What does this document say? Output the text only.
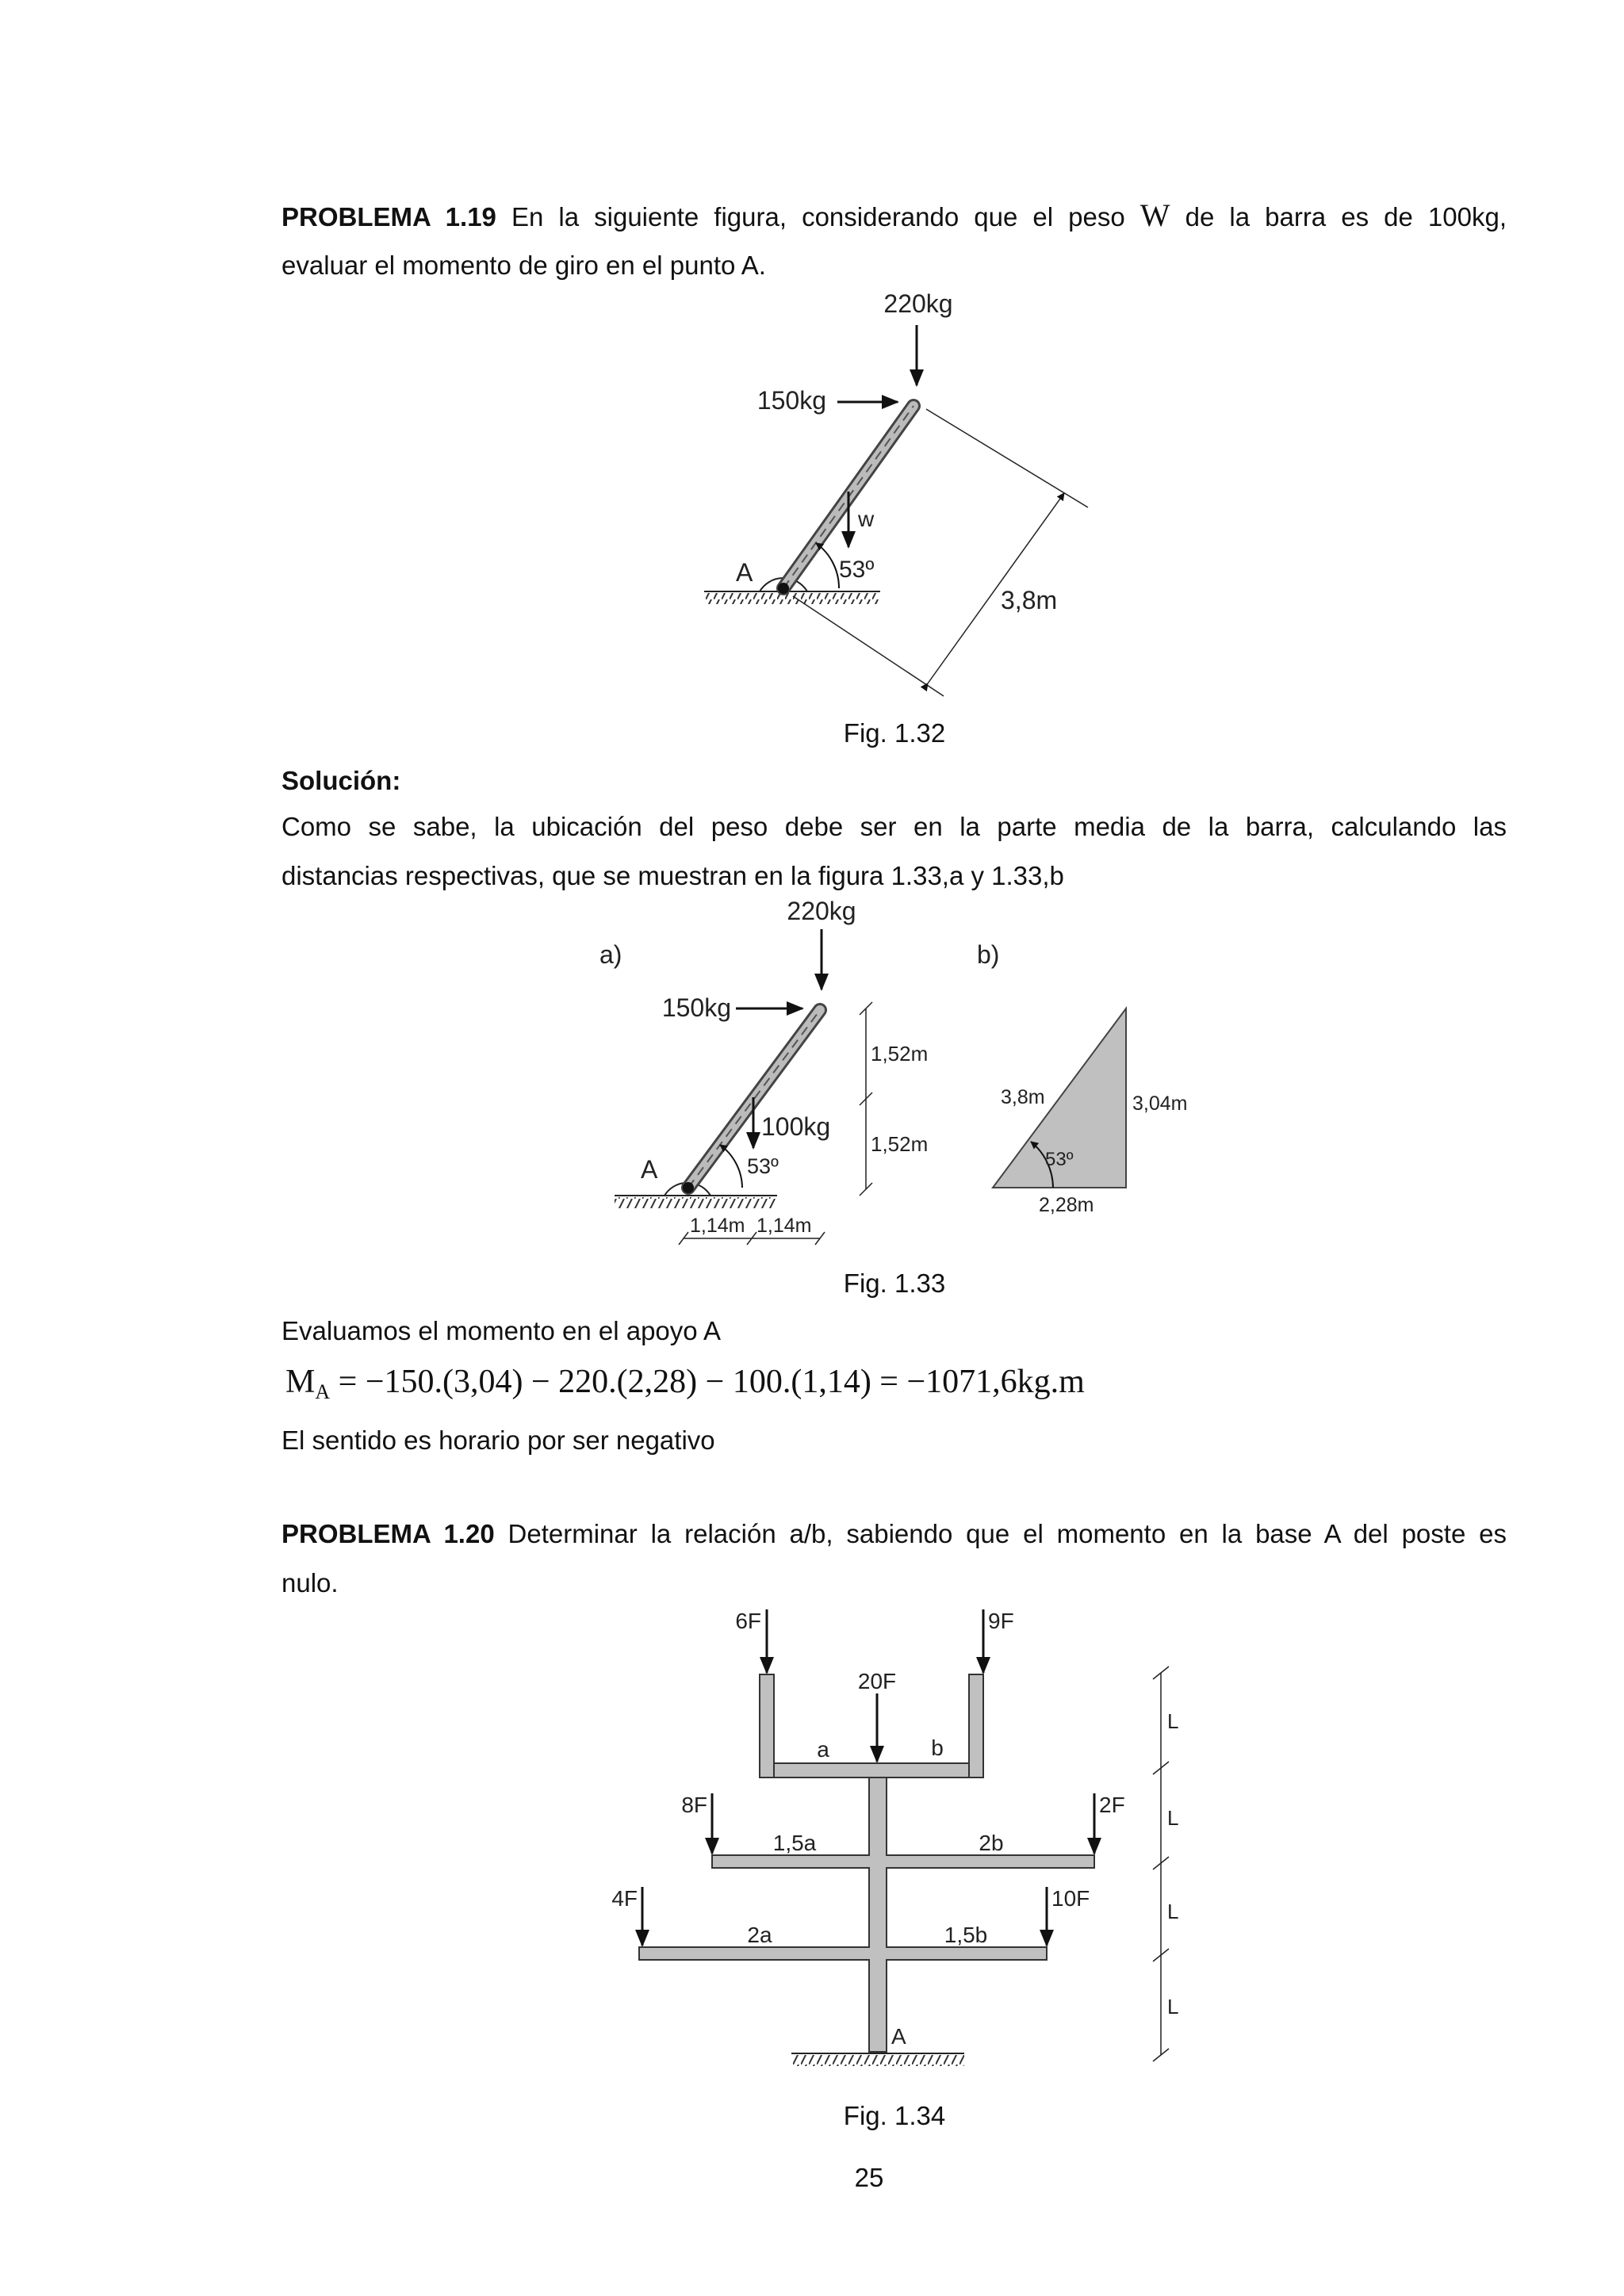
PROBLEMA 1.19 En la siguiente figura, considerando que el peso W de la barra es de 100kg,
evaluar el momento de giro en el punto A.
220kg
150kg
w
A	53º
3,8m
Fig. 1.32
Solución:
Como se sabe, la ubicación del peso debe ser en la parte media de la barra, calculando las
distancias respectivas, que se muestran en la figura 1.33,a y 1.33,b
a)	b)
220kg
150kg
100kg
A	53º
1,52m
1,52m
1,14m 1,14m
3,8m	3,04m
2,28m
53º
Fig. 1.33
Evaluamos el momento en el apoyo A
MA = −150.(3,04) − 220.(2,28) − 100.(1,14) = −1071,6kg.m
El sentido es horario por ser negativo
PROBLEMA 1.20 Determinar la relación a/b, sabiendo que el momento en la base A del poste es
nulo.
A
6F	9F
20F
8F	2F
4F	10F
a	b
1,5a	2b
2a	1,5b
L
L
L
L
Fig. 1.34
25
